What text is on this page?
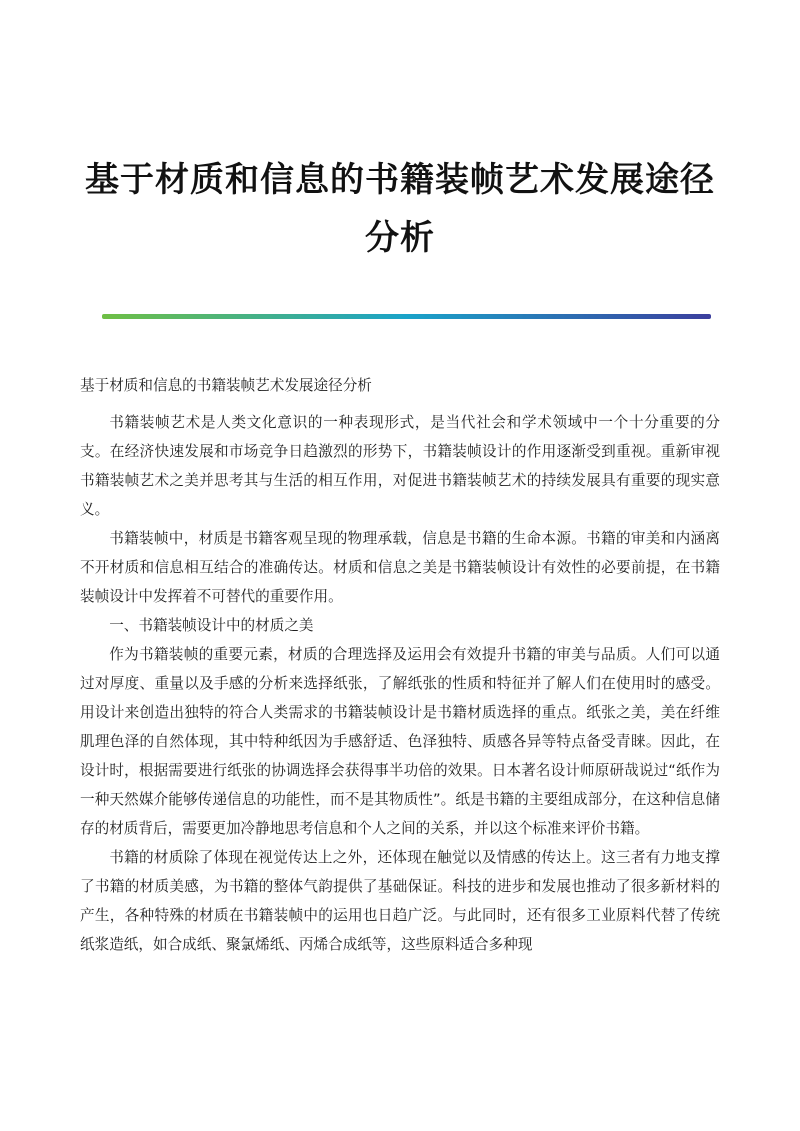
基于材质和信息的书籍装帧艺术发展途径分析

基于材质和信息的书籍装帧艺术发展途径分析

书籍装帧艺术是人类文化意识的一种表现形式，是当代社会和学术领域中一个十分重要的分支。在经济快速发展和市场竞争日趋激烈的形势下，书籍装帧设计的作用逐渐受到重视。重新审视书籍装帧艺术之美并思考其与生活的相互作用，对促进书籍装帧艺术的持续发展具有重要的现实意义。

书籍装帧中，材质是书籍客观呈现的物理承载，信息是书籍的生命本源。书籍的审美和内涵离不开材质和信息相互结合的准确传达。材质和信息之美是书籍装帧设计有效性的必要前提，在书籍装帧设计中发挥着不可替代的重要作用。

一、书籍装帧设计中的材质之美

作为书籍装帧的重要元素，材质的合理选择及运用会有效提升书籍的审美与品质。人们可以通过对厚度、重量以及手感的分析来选择纸张，了解纸张的性质和特征并了解人们在使用时的感受。用设计来创造出独特的符合人类需求的书籍装帧设计是书籍材质选择的重点。纸张之美，美在纤维肌理色泽的自然体现，其中特种纸因为手感舒适、色泽独特、质感各异等特点备受青睐。因此，在设计时，根据需要进行纸张的协调选择会获得事半功倍的效果。日本著名设计师原研哉说过“纸作为一种天然媒介能够传递信息的功能性，而不是其物质性”。纸是书籍的主要组成部分，在这种信息储存的材质背后，需要更加冷静地思考信息和个人之间的关系，并以这个标准来评价书籍。

书籍的材质除了体现在视觉传达上之外，还体现在触觉以及情感的传达上。这三者有力地支撑了书籍的材质美感，为书籍的整体气韵提供了基础保证。科技的进步和发展也推动了很多新材料的产生，各种特殊的材质在书籍装帧中的运用也日趋广泛。与此同时，还有很多工业原料代替了传统纸浆造纸，如合成纸、聚氯烯纸、丙烯合成纸等，这些原料适合多种现
